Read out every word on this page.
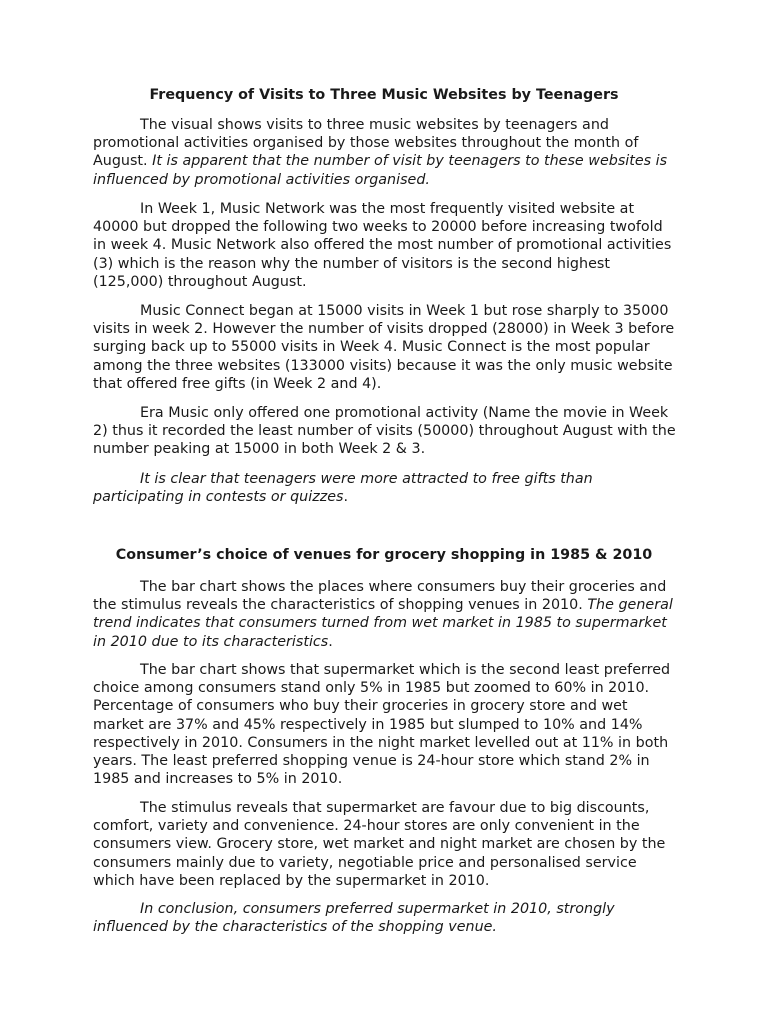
Frequency of Visits to Three Music Websites by Teenagers

The visual shows visits to three music websites by teenagers and
promotional activities organised by those websites throughout the month of
August. It is apparent that the number of visit by teenagers to these websites is
influenced by promotional activities organised.

In Week 1, Music Network was the most frequently visited website at
40000 but dropped the following two weeks to 20000 before increasing twofold
in week 4. Music Network also offered the most number of promotional activities
(3) which is the reason why the number of visitors is the second highest
(125,000) throughout August.

Music Connect began at 15000 visits in Week 1 but rose sharply to 35000
visits in week 2. However the number of visits dropped (28000) in Week 3 before
surging back up to 55000 visits in Week 4. Music Connect is the most popular
among the three websites (133000 visits) because it was the only music website
that offered free gifts (in Week 2 and 4).

Era Music only offered one promotional activity (Name the movie in Week
2) thus it recorded the least number of visits (50000) throughout August with the
number peaking at 15000 in both Week 2 & 3.

It is clear that teenagers were more attracted to free gifts than
participating in contests or quizzes.

Consumer’s choice of venues for grocery shopping in 1985 & 2010

The bar chart shows the places where consumers buy their groceries and
the stimulus reveals the characteristics of shopping venues in 2010. The general
trend indicates that consumers turned from wet market in 1985 to supermarket
in 2010 due to its characteristics.

The bar chart shows that supermarket which is the second least preferred
choice among consumers stand only 5% in 1985 but zoomed to 60% in 2010.
Percentage of consumers who buy their groceries in grocery store and wet
market are 37% and 45% respectively in 1985 but slumped to 10% and 14%
respectively in 2010. Consumers in the night market levelled out at 11% in both
years. The least preferred shopping venue is 24-hour store which stand 2% in
1985 and increases to 5% in 2010.

The stimulus reveals that supermarket are favour due to big discounts,
comfort, variety and convenience. 24-hour stores are only convenient in the
consumers view. Grocery store, wet market and night market are chosen by the
consumers mainly due to variety, negotiable price and personalised service
which have been replaced by the supermarket in 2010.

In conclusion, consumers preferred supermarket in 2010, strongly
influenced by the characteristics of the shopping venue.
